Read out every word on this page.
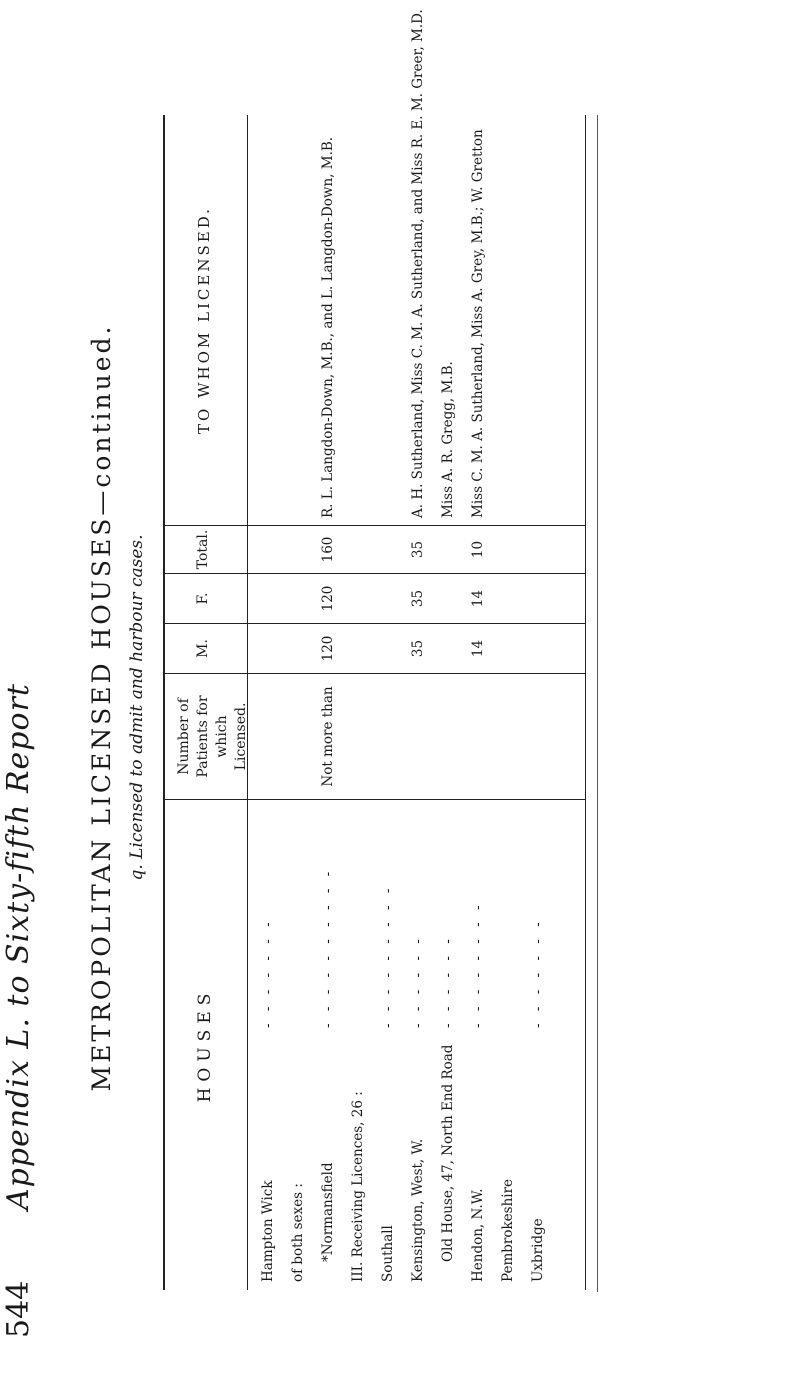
544
Appendix L. to Sixty-fifth Report METROPOLITAN LICENSED HOUSES—continued. q. Licensed to admit and harbour cases.
HOUSES
Number of Patients for which Licensed.
M.
F.
Total.
TO WHOM LICENSED.
Hampton Wick
- - - - - - -
of both sexes : *Normansfield
- - - - - - - - - -
Not more than
120
120
160
R. L. Langdon-Down, M.B., and L. Langdon-Down, M.B.
III. Receiving Licences, 26 : Southall
- - - - - - - - -
Kensington, West, W.
- - - - - -
35
35
35
A. H. Sutherland, Miss C. M. A. Sutherland, and Miss R. E. M. Greer, M.D.
Old House, 47, North End Road
- - - - - -
Miss A. R. Gregg, M.B.
Hendon, N.W.
- - - - - - - -
14
14
10
Miss C. M. A. Sutherland, Miss A. Grey, M.B.; W. Gretton
Pembrokeshire Uxbridge
- - - - - - -
